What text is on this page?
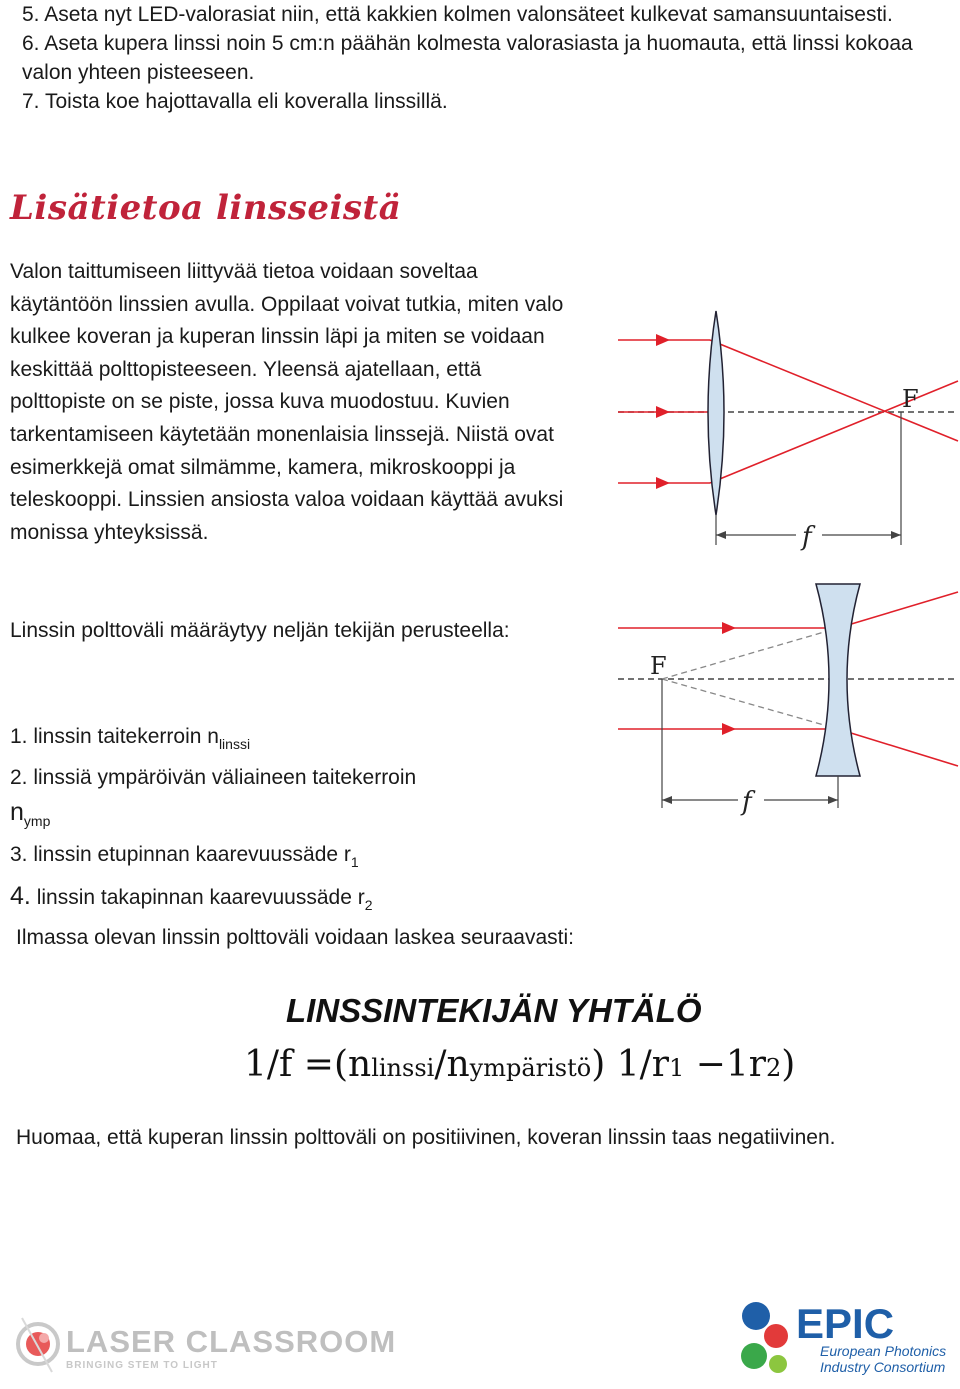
5. Aseta nyt LED-valorasiat niin, että kakkien kolmen valonsäteet kulkevat samansuuntaisesti.

6. Aseta kupera linssi noin 5 cm:n päähän kolmesta valorasiasta ja huomauta, että linssi kokoaa valon yhteen pisteeseen.

7. Toista koe hajottavalla eli koveralla linssillä.

Lisätietoa linsseistä

Valon taittumiseen liittyvää tietoa voidaan soveltaa käytäntöön linssien avulla. Oppilaat voivat tutkia, miten valo kulkee koveran ja kuperan linssin läpi ja miten se voidaan keskittää polttopisteeseen. Yleensä ajatellaan, että polttopiste on se piste, jossa kuva muodostuu. Kuvien tarkentamiseen käytetään monenlaisia linssejä. Niistä ovat esimerkkejä omat silmämme, kamera, mikroskooppi ja teleskooppi. Linssien ansiosta valoa voidaan käyttää avuksi monissa yhteyksissä.

Linssin polttoväli määräytyy neljän tekijän perusteella:

1. linssin taitekerroin $n_{linssi}$

2. linssiä ympäröivän väliaineen taitekerroin
$n_{ymp}$

3. linssin etupinnan kaarevuussäde $r_1$

4. linssin takapinnan kaarevuussäde $r_2$

Ilmassa olevan linssin polttoväli voidaan laskea seuraavasti:
LINSSINTEKIJÄN YHTÄLÖ
1/f =(nlinssi/nympäristö) 1/r1 −1r2)
Huomaa, että kuperan linssin polttoväli on positiivinen, koveran linssin taas negatiivinen.
F
f
F
f
LASER CLASSROOM
BRINGING STEM TO LIGHT
EPIC
European Photonics
Industry Consortium
